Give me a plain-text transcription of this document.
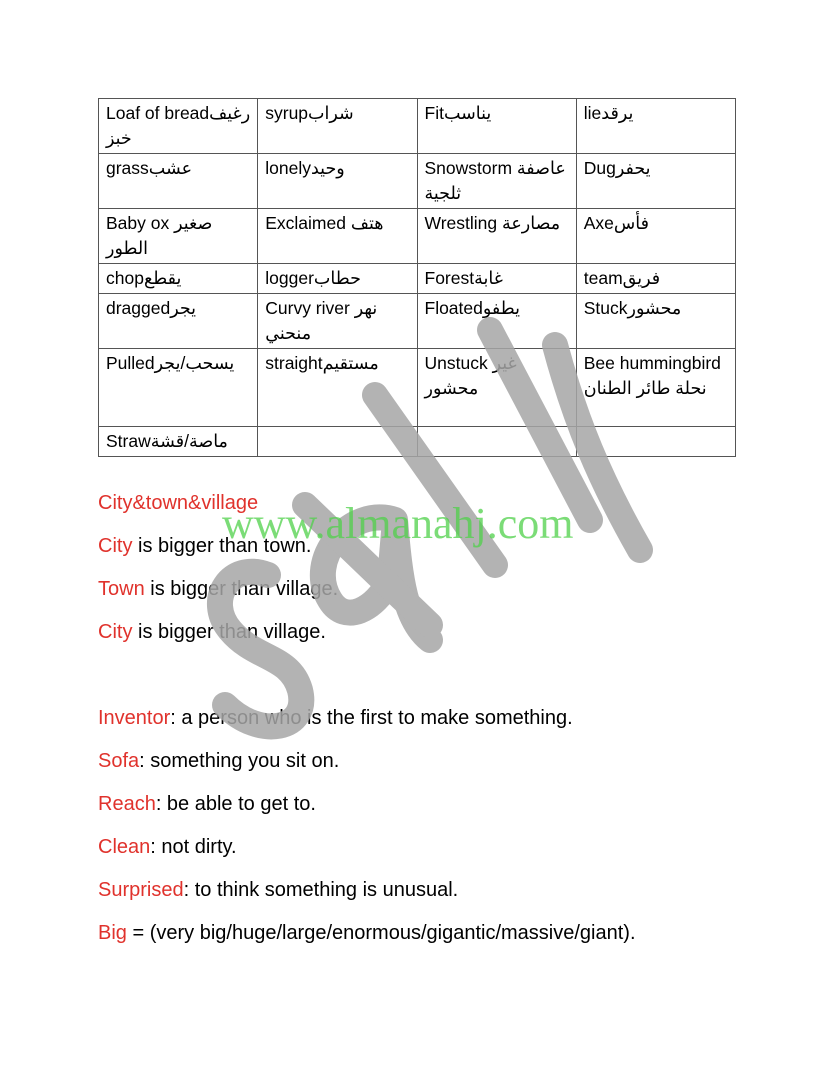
Loaf of breadرغيف خبز	syrupشراب	Fitيناسب	lieيرقد
grassعشب	lonelyوحيد	Snowstorm عاصفة ثلجية	Dugيحفر
Baby ox صغير الطور	Exclaimed هتف	Wrestling مصارعة	Axeفأس
chopيقطع	loggerحطاب	Forestغابة	teamفريق
draggedيجر	Curvy river نهر منحني	Floatedيطفو	Stuckمحشور
Pulledيسحب/يجر	straightمستقيم	Unstuck غير محشور	Bee hummingbird نحلة طائر الطنان
Strawماصة/قشة			
City&town&village
City is bigger than town.
Town is bigger than village.
City is bigger than village.
Inventor: a person who is the first to make something.
Sofa: something you sit on.
Reach: be able to get to.
Clean: not dirty.
Surprised: to think something is unusual.
Big = (very big/huge/large/enormous/gigantic/massive/giant).
www.almanahj.com
